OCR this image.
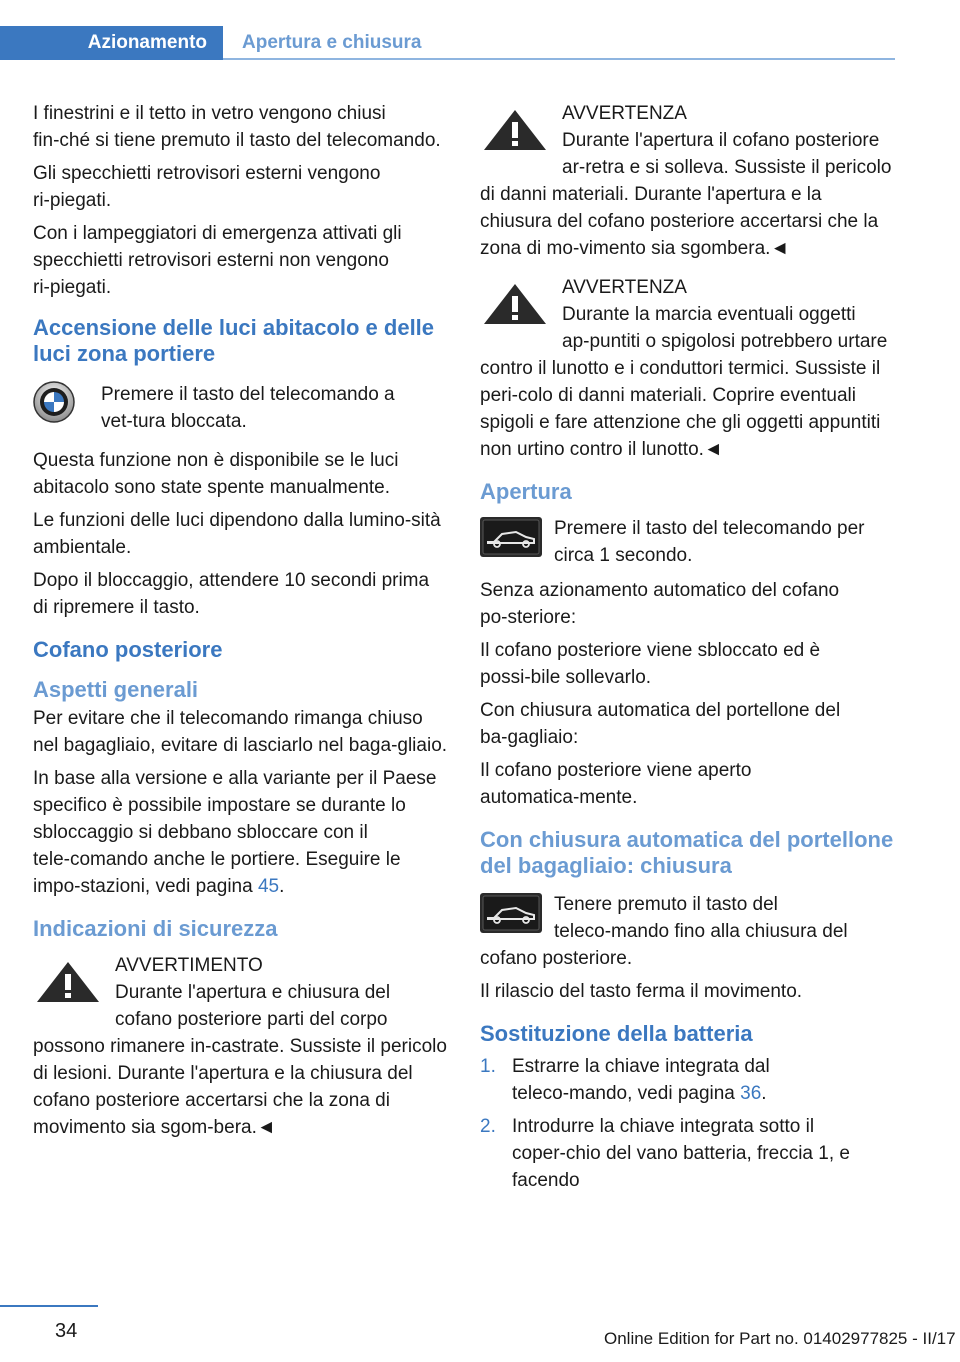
Azionamento	Apertura e chiusura

I finestrini e il tetto in vetro vengono chiusi fin‑ché si tiene premuto il tasto del telecomando.

Gli specchietti retrovisori esterni vengono ri‑piegati.

Con i lampeggiatori di emergenza attivati gli specchietti retrovisori esterni non vengono ri‑piegati.

Accensione delle luci abitacolo e delle luci zona portiere
Premere il tasto del telecomando a vet‑tura bloccata.

Questa funzione non è disponibile se le luci abitacolo sono state spente manualmente.

Le funzioni delle luci dipendono dalla lumino‑sità ambientale.

Dopo il bloccaggio, attendere 10 secondi prima di ripremere il tasto.

Cofano posteriore
Aspetti generali

Per evitare che il telecomando rimanga chiuso nel bagagliaio, evitare di lasciarlo nel baga‑gliaio.

In base alla versione e alla variante per il Paese specifico è possibile impostare se durante lo sbloccaggio si debbano sbloccare con il tele‑comando anche le portiere. Eseguire le impo‑stazioni, vedi pagina 45.

Indicazioni di sicurezza
AVVERTIMENTO
Durante l'apertura e chiusura del cofano posteriore parti del corpo possono rimanere in‑castrate. Sussiste il pericolo di lesioni. Durante l'apertura e la chiusura del cofano posteriore accertarsi che la zona di movimento sia sgom‑bera.◄
AVVERTENZA
Durante l'apertura il cofano posteriore ar‑retra e si solleva. Sussiste il pericolo di danni materiali. Durante l'apertura e la chiusura del cofano posteriore accertarsi che la zona di mo‑vimento sia sgombera.◄
AVVERTENZA
Durante la marcia eventuali oggetti ap‑puntiti o spigolosi potrebbero urtare contro il lunotto e i conduttori termici. Sussiste il peri‑colo di danni materiali. Coprire eventuali spigoli e fare attenzione che gli oggetti appuntiti non urtino contro il lunotto.◄
Apertura
Premere il tasto del telecomando per circa 1 secondo.

Senza azionamento automatico del cofano po‑steriore:

Il cofano posteriore viene sbloccato ed è possi‑bile sollevarlo.

Con chiusura automatica del portellone del ba‑gagliaio:

Il cofano posteriore viene aperto automatica‑mente.

Con chiusura automatica del portellone del bagagliaio: chiusura
Tenere premuto il tasto del teleco‑mando fino alla chiusura del cofano posteriore.

Il rilascio del tasto ferma il movimento.

Sostituzione della batteria
1. Estrarre la chiave integrata dal teleco‑mando, vedi pagina 36.
2. Introdurre la chiave integrata sotto il coper‑chio del vano batteria, freccia 1, e facendo
34	Online Edition for Part no. 01402977825 - II/17
